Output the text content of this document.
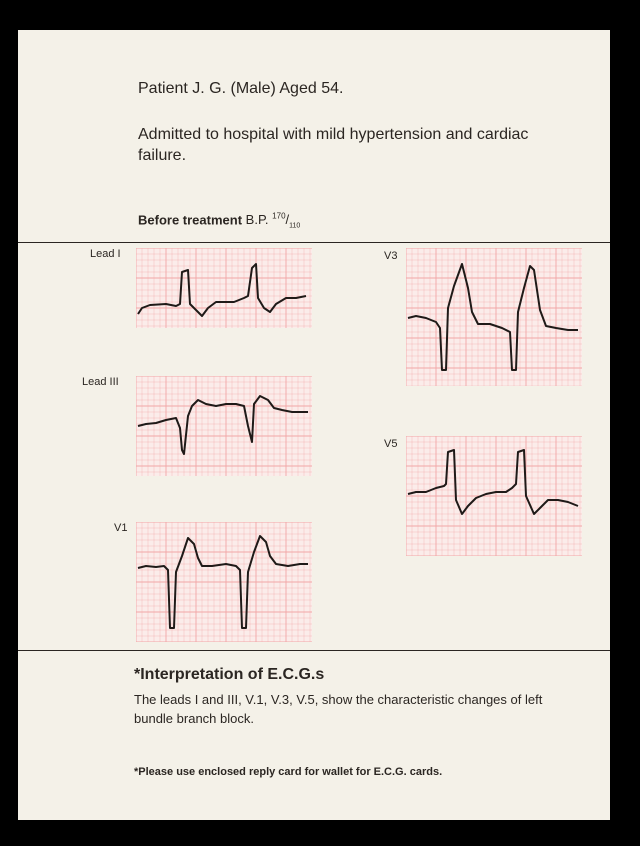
Patient J. G. (Male) Aged 54.
Admitted to hospital with mild hypertension and cardiac failure.
Before treatment B.P. $^{170}/_{110}$
Lead I
Lead III
V1
V3
V5
*Interpretation of E.C.G.s
The leads I and III, V.1, V.3, V.5, show the characteristic changes of left bundle branch block.
*Please use enclosed reply card for wallet for E.C.G. cards.
